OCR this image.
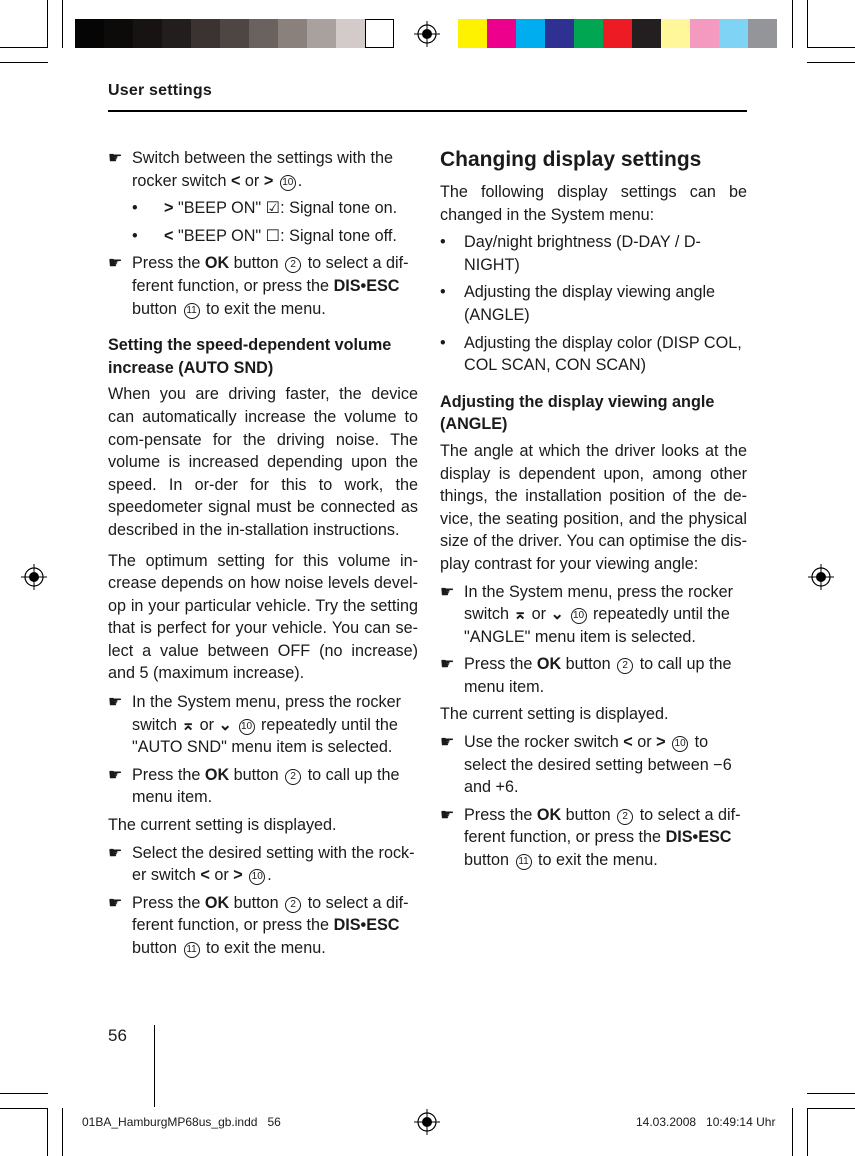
User settings
☛ Switch between the settings with the rocker switch < or > 10 .
• > "BEEP ON" ☑: Signal tone on.
• < "BEEP ON" ☐: Signal tone off.
☛ Press the OK button 2 to select a dif-ferent function, or press the DIS•ESC button 11 to exit the menu.

Setting the speed-dependent volume increase (AUTO SND)

When you are driving faster, the device can automatically increase the volume to com-pensate for the driving noise. The volume is increased depending upon the speed. In or-der for this to work, the speedometer signal must be connected as described in the in-stallation instructions.

The optimum setting for this volume in-crease depends on how noise levels devel-op in your particular vehicle. Try the setting that is perfect for your vehicle. You can se-lect a value between OFF (no increase) and 5 (maximum increase).

☛ In the System menu, press the rocker switch ⌅ or ⌄ 10 repeatedly until the "AUTO SND" menu item is selected.
☛ Press the OK button 2 to call up the menu item.

The current setting is displayed.

☛ Select the desired setting with the rock-er switch < or > 10 .
☛ Press the OK button 2 to select a dif-ferent function, or press the DIS•ESC button 11 to exit the menu.

Changing display settings

The following display settings can be changed in the System menu:

• Day/night brightness (D-DAY / D-NIGHT)
• Adjusting the display viewing angle (ANGLE)
• Adjusting the display color (DISP COL, COL SCAN, CON SCAN)

Adjusting the display viewing angle (ANGLE)

The angle at which the driver looks at the display is dependent upon, among other things, the installation position of the de-vice, the seating position, and the physical size of the driver. You can optimise the dis-play contrast for your viewing angle:

☛ In the System menu, press the rocker switch ⌅ or ⌄ 10 repeatedly until the "ANGLE" menu item is selected.
☛ Press the OK button 2 to call up the menu item.

The current setting is displayed.

☛ Use the rocker switch < or > 10 to select the desired setting between −6 and +6.
☛ Press the OK button 2 to select a dif-ferent function, or press the DIS•ESC button 11 to exit the menu.
56
01BA_HamburgMP68us_gb.indd   56	14.03.2008   10:49:14 Uhr
